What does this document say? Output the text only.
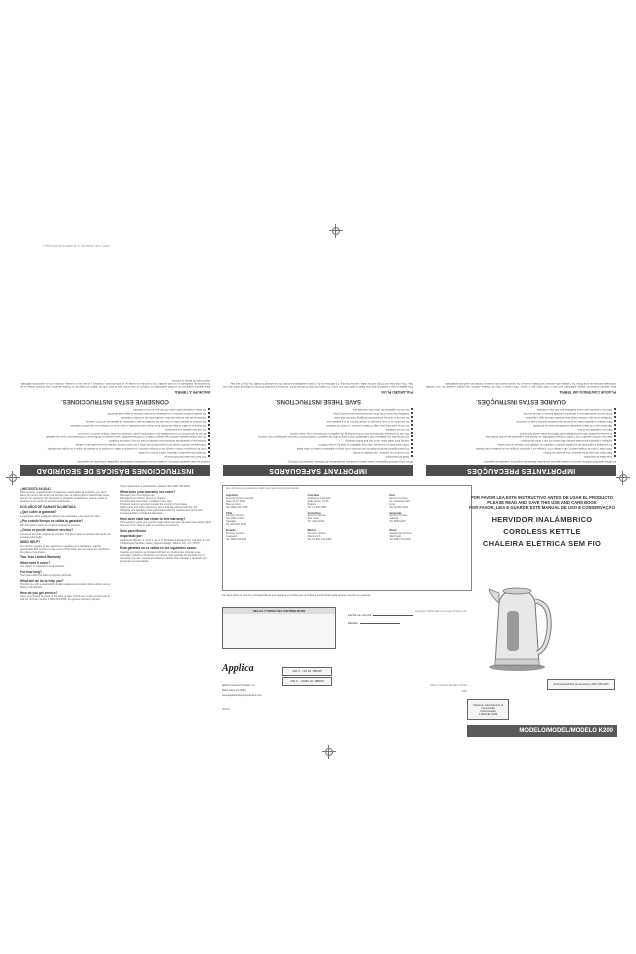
K200_CSP_MANUAL_A 11/13/08 9:40 AM Page 1
IMPORTANTES PRECAUÇÕES

Ao utilizar aparelhos elétricos, devem-se seguir algumas precauções básicas de segurança, incluindo as seguintes:

Leia todas as instruções.
Não toque nas superfícies quentes. Use as alças ou botões.
Para evitar o risco de choque elétrico, não coloque o fio, o plugue ou o aparelho na água ou em qualquer outro líquido.
É necessária a supervisão de um adulto quando o aparelho for utilizado por crianças ou perto delas.
Desligue o aparelho da tomada quando não estiver em uso e antes de limpá-lo.
Não use nenhum aparelho com o cabo ou plugue danificado, ou depois que o aparelho apresentar problemas.
O uso de acessórios não recomendados pelo fabricante pode causar ferimentos.
Não use o aparelho ao ar livre.
Não deixe que o fio fique pendurado na borda da mesa ou do balcão.
Não coloque o aparelho sobre ou perto de queimadores quentes a gás ou elétricos.
Certifique-se de que a tampa esteja bem fechada antes de ligar o aparelho.
Pode ocorrer queimadura se a tampa for removida durante o ciclo de fervura.
Não use o aparelho para outra finalidade que não seja a indicada.
GUARDE ESTAS INSTRUÇÕES.
PLUGUE CONTENDO UM TERRA

Este aparelho possui um plugue polarizado (um pino é mais largo que o outro). Para reduzir o risco de choque elétrico, este plugue encaixa em uma tomada polarizada somente de uma forma. Se o plugue não encaixar na tomada, inverta-o. Se mesmo assim não encaixar, contate um eletricista qualificado.

IMPORTANT SAFEGUARDS

When using electrical appliances, basic safety precautions should always be followed, including the following:

Read all instructions.
Do not touch hot surfaces. Use handles or knobs.
To protect against electrical shock do not immerse cord, plugs or appliance in water or other liquid.
Close supervision is necessary when any appliance is used by or near children.
Unplug from outlet when not in use and before cleaning.
Do not operate any appliance with a damaged cord or plug or after the appliance malfunctions or has been damaged in any manner.
The use of accessory attachments not recommended by the appliance manufacturer may cause injuries.
Do not use outdoors.
Do not let cord hang over edge of table or counter, or touch hot surfaces.
Do not place on or near a hot gas or electric burner, or in a heated oven.
Be sure lid is securely closed before plugging cord into wall outlet.
Scalding may occur if the lid is removed during the brewing cycles.
Do not use appliance for other than intended use.
SAVE THESE INSTRUCTIONS.
POLARIZED PLUG

This appliance has a polarized plug (one blade is wider than the other). To reduce the risk of electric shock, this plug is intended to fit into a polarized outlet only one way. If the plug does not fit fully into the outlet, reverse the plug. If it still does not fit, contact a qualified electrician. Do not attempt to modify the plug in any way.

INSTRUCCIONES BÁSICAS DE SEGURIDAD

Cuando se usan aparatos eléctricos, se deben tomar precauciones básicas de seguridad, incluyendo las siguientes:

Por favor lea todas las instrucciones.
No toque las superficies calientes. Utilice el asa o la perilla.
A fin de protegerse contra el riesgo de un choque eléctrico, no sumerja el cable, el enchufe ni el aparato en agua ni en ningún otro líquido.
Todo aparato eléctrico usado en la presencia de los niños o por ellos mismos requiere la supervisión de un adulto.
Desconecte el aparato del tomacorriente cuando no esté en uso y antes de limpiarlo.
No use ningún aparato eléctrico que tenga el cable o el enchufe averiado, que presente un problema de funcionamiento o que esté dañado.
El uso de accesorios no recomendados por el fabricante puede ocasionar incendio, choque eléctrico o lesiones.
No use este aparato a la intemperie.
No deje que el cable cuelgue del borde de la mesa o del mostrador, ni que entre en contacto con superficies calientes.
No coloque el aparato sobre ni cerca de las hornillas de gas o eléctricas, ni adentro de un horno caliente.
Cerciórese de que la tapa esté bien cerrada antes de encender el aparato.
Se pueden producir lesiones si se destapa el hervidor mientras el agua está hirviendo.
No utilice el aparato para ningún otro fin que no sea el indicado.
CONSERVE ESTAS INSTRUCCIONES.
ENCHUFE A TIERRA

Este aparato cuenta con un enchufe polarizado (un contacto es más ancho que el otro). A fin de reducir el riesgo de un choque eléctrico, este enchufe encaja en un tomacorriente polarizado en un solo sentido. Si el enchufe no encaja en el tomacorriente, inviértalo y si aun así no encaja, consulte con un electricista calificado. Nunca trate de alterar el enchufe.

¿NECESITA AYUDA?

Para servicio, reparaciones o preguntas relacionadas al producto, por favor llame al número del centro de servicio que se indica para el país donde usted compró su producto. NO devuelva el producto al fabricante. Llame o lleve el producto a un centro de servicio autorizado.

DOS AÑOS DE GARANTÍA LIMITADA
¿Qué cubre la garantía?

La garantía cubre cualquier defecto de materiales o de mano de obra.

¿Por cuánto tiempo es válida la garantía?

Por dos años a partir de la fecha original de compra.

¿Cómo se puede obtener servicio?

Conserve el recibo original de compra. Por favor llame al número del centro de servicio autorizado.

NEED HELP?

For service, repairs or any questions regarding your appliance, call the appropriate 800 number on the cover of this book. Do not return the product to the place of purchase.

Two-Year Limited Warranty
What does it cover?

Any defect in material or workmanship.

For how long?

Two years after the date of original purchase.

What will we do to help you?

Provide you with a reasonably similar replacement product that is either new or factory refurbished.

How do you get service?

Save your receipt as proof of the date of sale. Check our on-line service site or call our toll-free number 1-800-231-9786, for general warranty service.

If you need parts or accessories, please call 1-800-738-0245.

What does your warranty not cover?
Damage from commercial use
Damage from misuse, abuse or neglect
Products that have been modified in any way
Products used or serviced outside the country of purchase
Glass parts and other accessory items that are packed with the unit
Shipping and handling costs associated with the replacement of the unit
Consequential or incidental damages
How does state law relate to this warranty?

This warranty gives you specific legal rights and you may also have other rights that vary from state to state or province to province.

Sólo para México
Importado por:

Applica de México, S. de R.L. de C.V. Presidente Masaryk No. 111 Piso 2, Col. Chapultepec Morales, Deleg. Miguel Hidalgo, México D.F. C.P. 11570

Esta garantía no es válida en los siguientes casos:

Cuando el producto se hubiese utilizado en condiciones distintas a las normales; cuando el producto no hubiese sido operado de acuerdo con el instructivo de uso; cuando el producto hubiese sido alterado o reparado por personas no autorizadas.

Este documento de garantía es válido para todos los productos listados.
Argentina
Servicio Técnico Central
Calle 22 N° 1234
Buenos Aires
Tel: 0800-444-7296
Colombia
Applica de Colombia
Calle 36 No. 72-25
Bogotá
Tel: 01-800-0946
Perú
Servicio Técnico
Av. Industrial 1125
Lima
Tel: 01-511-5101
Chile
Servicio Técnico
San Pablo 1234
Santiago
Tel: 600-600-1234
Costa Rica
Servicio Técnico
San José
Tel: 2222-3344
Venezuela
Servicio Técnico
Caracas
Tel: 0800-2227
Ecuador
Servicio Técnico
Guayaquil
Tel: 1800-100-200
México
Servicio Técnico
México D.F.
Tel: 01-800-714-2499
Brasil
Assistência Técnica
São Paulo
Tel: 0800-704-2020

Por favor llame al número correspondiente que aparece en la lista que se indica a continuación para obtener servicio en garantía.

SELLO Y FIRMA DEL DISTRIBUIDOR
Fecha de compra
Modelo
Applica
Applica Consumer Products, Inc.
Miami Lakes, FL 33014
www.applicaconsumerproductsinc.com
R09003
120 V ~ 60 Hz 1500W
220 V ~ 50/60 Hz 1850W
Copyright © 2008 Applica Consumer Products, Inc.
Made in People's Republic of China
K200

POR FAVOR LEA ESTE INSTRUCTIVO ANTES DE USAR EL PRODUCTO

PLEASE READ AND SAVE THIS USE AND CARE BOOK

POR FAVOR, LEIA E GUARDE ESTE MANUAL DE USO E CONSERVAÇÃO

HERVIDOR INALÁMBRICO

CORDLESS KETTLE

CHALEIRA ELÉTRICA SEM FIO

Accessories/Parts (Accesorios) 1-800-738-0245

Customer Care/Servicio al Consumidor
USA/Canadá
1-800-231-9786

MODELO/MODEL/MODELO K200
